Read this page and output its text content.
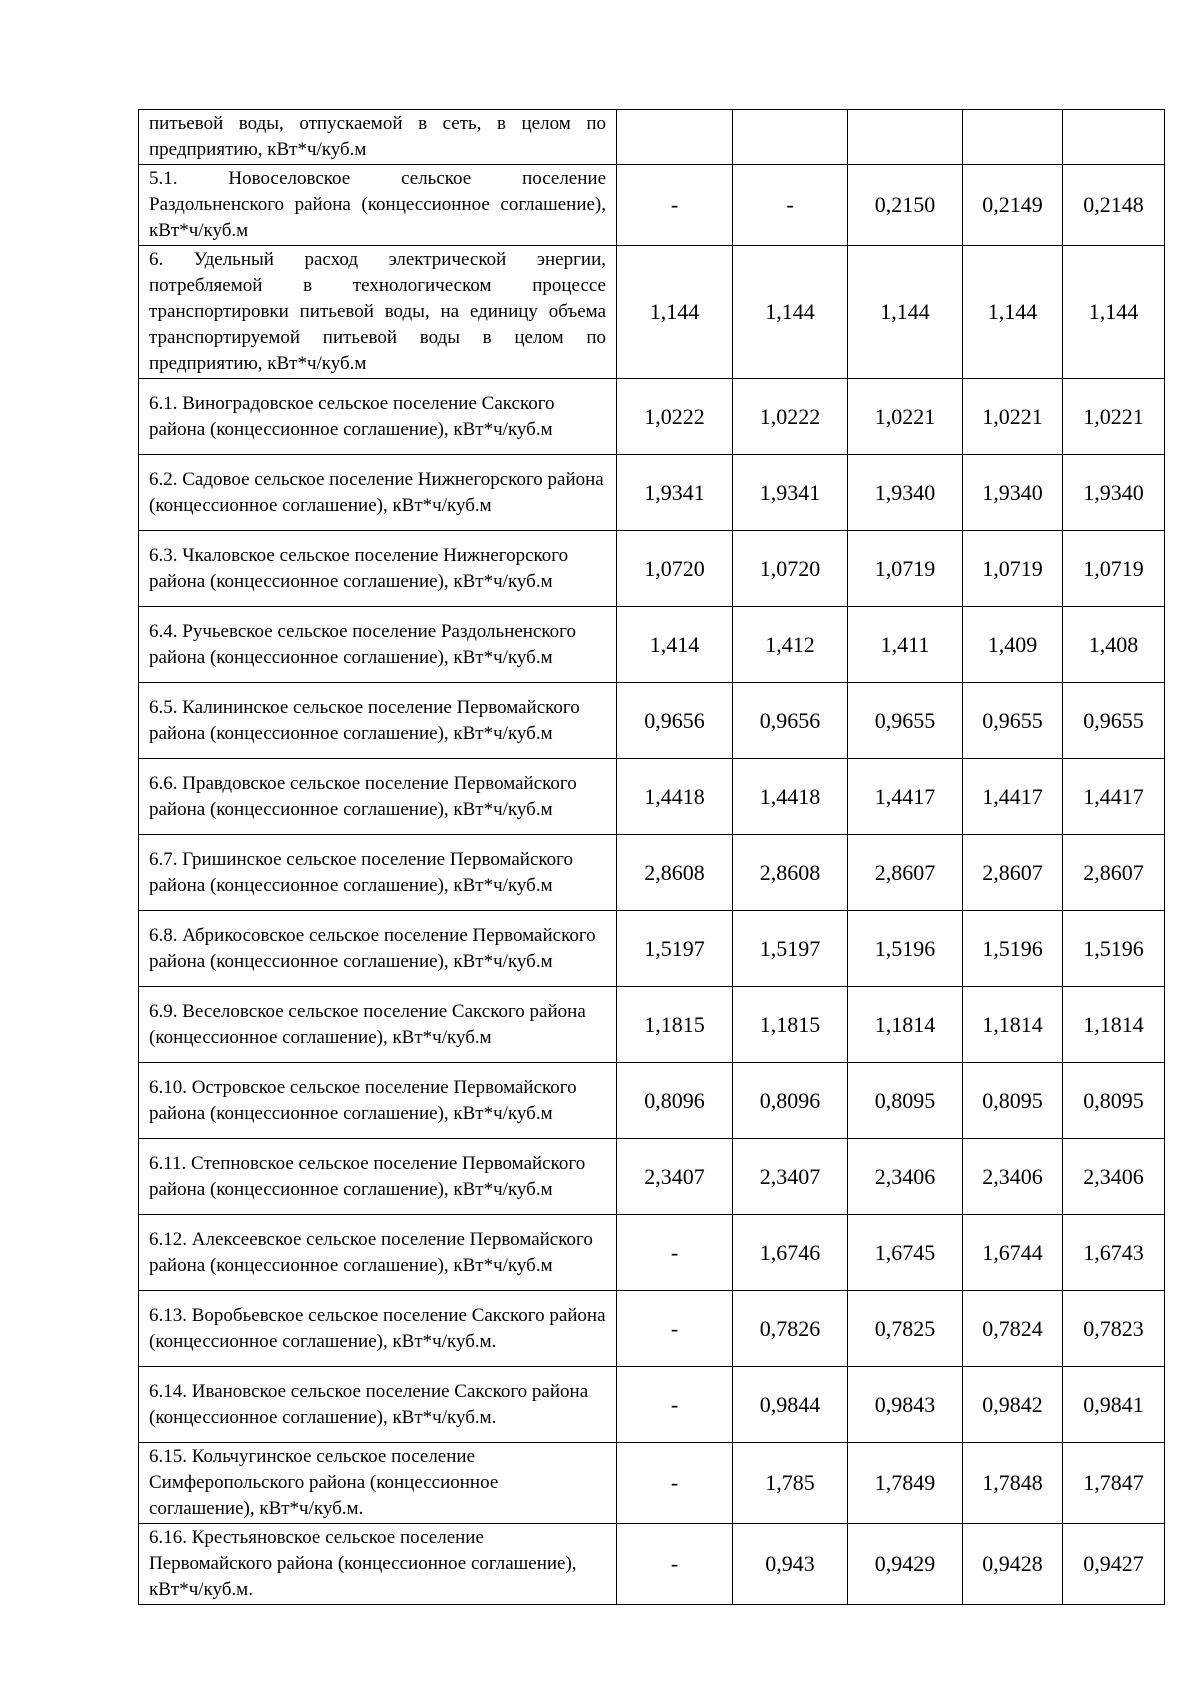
питьевой воды, отпускаемой в сеть, в целом по предприятию, кВт*ч/куб.м					
5.1. Новоселовское сельское поселение Раздольненского района (концессионное соглашение), кВт*ч/куб.м	-	-	0,2150	0,2149	0,2148
6. Удельный расход электрической энергии, потребляемой в технологическом процессе транспортировки питьевой воды, на единицу объема транспортируемой питьевой воды в целом по предприятию, кВт*ч/куб.м	1,144	1,144	1,144	1,144	1,144
6.1. Виноградовское сельское поселение Сакского района (концессионное соглашение), кВт*ч/куб.м	1,0222	1,0222	1,0221	1,0221	1,0221
6.2. Садовое сельское поселение Нижнегорского района (концессионное соглашение), кВт*ч/куб.м	1,9341	1,9341	1,9340	1,9340	1,9340
6.3. Чкаловское сельское поселение Нижнегорского района (концессионное соглашение), кВт*ч/куб.м	1,0720	1,0720	1,0719	1,0719	1,0719
6.4. Ручьевское сельское поселение Раздольненского района (концессионное соглашение), кВт*ч/куб.м	1,414	1,412	1,411	1,409	1,408
6.5. Калининское сельское поселение Первомайского района (концессионное соглашение), кВт*ч/куб.м	0,9656	0,9656	0,9655	0,9655	0,9655
6.6. Правдовское сельское поселение Первомайского района (концессионное соглашение), кВт*ч/куб.м	1,4418	1,4418	1,4417	1,4417	1,4417
6.7. Гришинское сельское поселение Первомайского района (концессионное соглашение), кВт*ч/куб.м	2,8608	2,8608	2,8607	2,8607	2,8607
6.8. Абрикосовское сельское поселение Первомайского района (концессионное соглашение), кВт*ч/куб.м	1,5197	1,5197	1,5196	1,5196	1,5196
6.9. Веселовское сельское поселение Сакского района (концессионное соглашение), кВт*ч/куб.м	1,1815	1,1815	1,1814	1,1814	1,1814
6.10. Островское сельское поселение Первомайского района (концессионное соглашение), кВт*ч/куб.м	0,8096	0,8096	0,8095	0,8095	0,8095
6.11. Степновское сельское поселение Первомайского района (концессионное соглашение), кВт*ч/куб.м	2,3407	2,3407	2,3406	2,3406	2,3406
6.12. Алексеевское сельское поселение Первомайского района (концессионное соглашение), кВт*ч/куб.м	-	1,6746	1,6745	1,6744	1,6743
6.13. Воробьевское сельское поселение Сакского района (концессионное соглашение), кВт*ч/куб.м.	-	0,7826	0,7825	0,7824	0,7823
6.14. Ивановское сельское поселение Сакского района (концессионное соглашение), кВт*ч/куб.м.	-	0,9844	0,9843	0,9842	0,9841
6.15. Кольчугинское сельское поселение Симферопольского района (концессионное соглашение), кВт*ч/куб.м.	-	1,785	1,7849	1,7848	1,7847
6.16. Крестьяновское сельское поселение Первомайского района (концессионное соглашение), кВт*ч/куб.м.	-	0,943	0,9429	0,9428	0,9427
